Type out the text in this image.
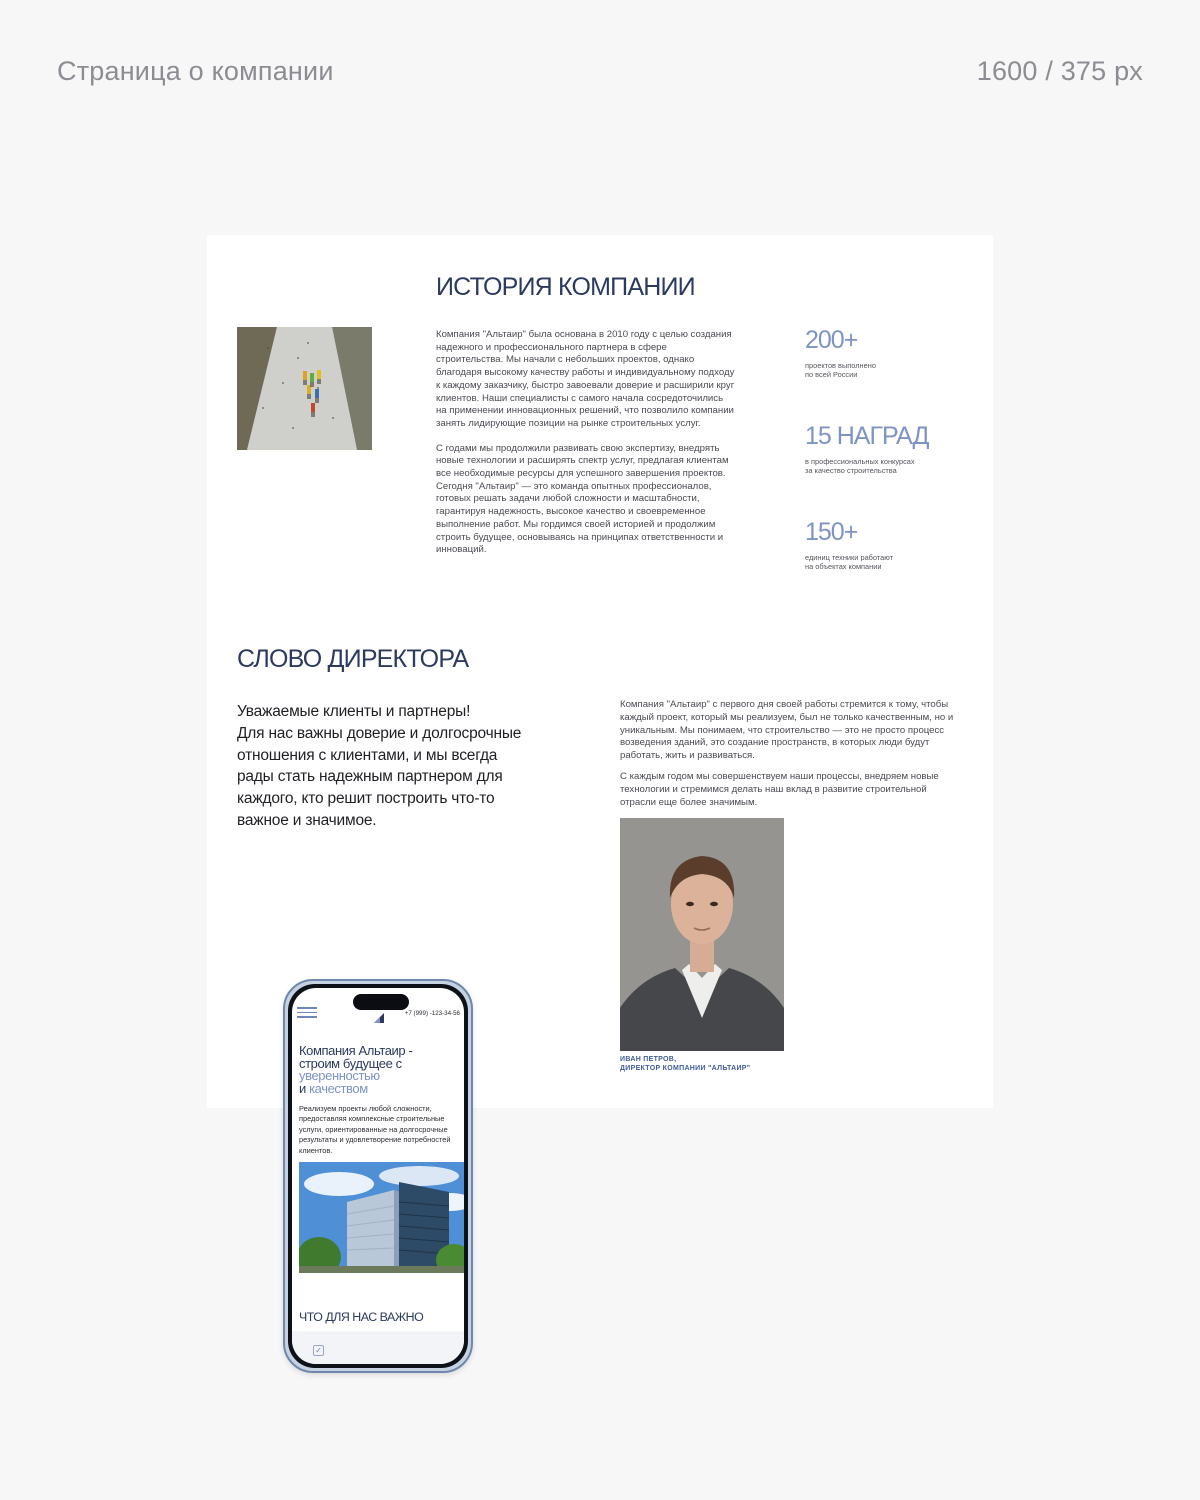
Страница о компании	1600 / 375 px
ИСТОРИЯ КОМПАНИИ

Компания "Альтаир" была основана в 2010 году с целью создания надежного и профессионального партнера в сфере строительства. Мы начали с небольших проектов, однако благодаря высокому качеству работы и индивидуальному подходу к каждому заказчику, быстро завоевали доверие и расширили круг клиентов. Наши специалисты с самого начала сосредоточились на применении инновационных решений, что позволило компании занять лидирующие позиции на рынке строительных услуг.

С годами мы продолжили развивать свою экспертизу, внедрять новые технологии и расширять спектр услуг, предлагая клиентам все необходимые ресурсы для успешного завершения проектов. Сегодня "Альтаир" — это команда опытных профессионалов, готовых решать задачи любой сложности и масштабности, гарантируя надежность, высокое качество и своевременное выполнение работ. Мы гордимся своей историей и продолжим строить будущее, основываясь на принципах ответственности и инноваций.

200+
проектов выполнено
по всей России
15 НАГРАД
в профессиональных конкурсах
за качество строительства
150+
единиц техники работают
на объектах компании
СЛОВО ДИРЕКТОРА
Уважаемые клиенты и партнеры!
Для нас важны доверие и долгосрочные
отношения с клиентами, и мы всегда
рады стать надежным партнером для
каждого, кто решит построить что-то
важное и значимое.

Компания "Альтаир" с первого дня своей работы стремится к тому, чтобы каждый проект, который мы реализуем, был не только качественным, но и уникальным. Мы понимаем, что строительство — это не просто процесс возведения зданий, это создание пространств, в которых люди будут работать, жить и развиваться.

С каждым годом мы совершенствуем наши процессы, внедряем новые технологии и стремимся делать наш вклад в развитие строительной отрасли еще более значимым.

ИВАН ПЕТРОВ,
ДИРЕКТОР КОМПАНИИ "АЛЬТАИР"
+7 (999) -123-34-56
Компания Альтаир -
строим будущее с
уверенностью
и качеством
Реализуем проекты любой сложности, предоставляя комплексные строительные услуги, ориентированные на долгосрочные результаты и удовлетворение потребностей клиентов.
ЧТО ДЛЯ НАС ВАЖНО
✓
